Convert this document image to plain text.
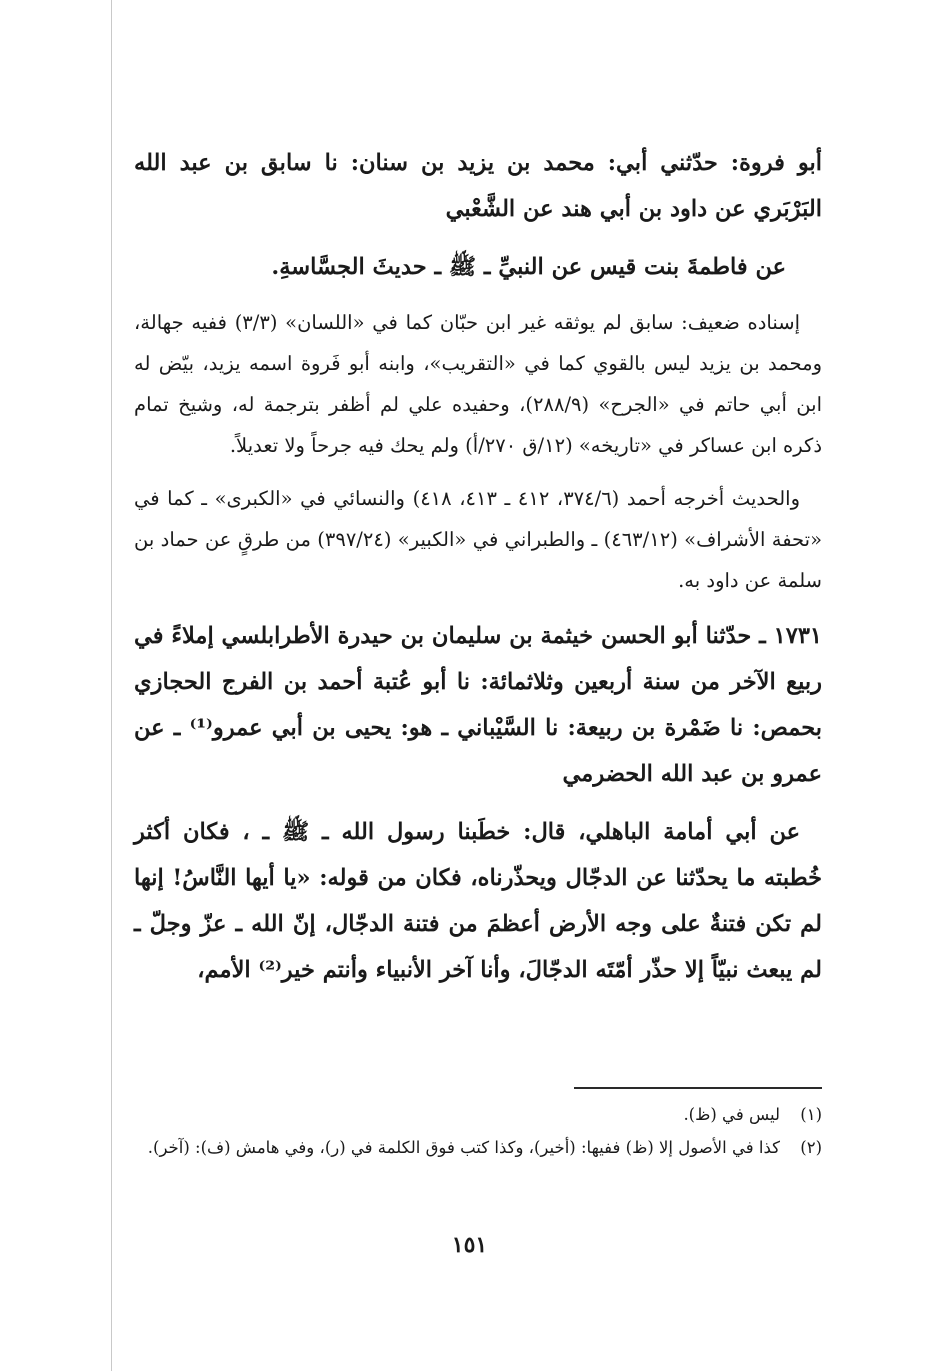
أبو فروة: حدّثني أبي: محمد بن يزيد بن سنان: نا سابق بن عبد الله البَرْبَري عن داود بن أبي هند عن الشَّعْبي

عن فاطمةَ بنت قيس عن النبيِّ ـ ﷺ ـ حديثَ الجسَّاسةِ.

إسناده ضعيف: سابق لم يوثقه غير ابن حبّان كما في «اللسان» (٣/٣) ففيه جهالة، ومحمد بن يزيد ليس بالقوي كما في «التقريب»، وابنه أبو فَروة اسمه يزيد، بيّض له ابن أبي حاتم في «الجرح» (٢٨٨/٩)، وحفيده علي لم أظفر بترجمة له، وشيخ تمام ذكره ابن عساكر في «تاريخه» (١٢/ق ٢٧٠/أ) ولم يحك فيه جرحاً ولا تعديلاً.

والحديث أخرجه أحمد (٣٧٤/٦، ٤١٢ ـ ٤١٣، ٤١٨) والنسائي في «الكبرى» ـ كما في «تحفة الأشراف» (٤٦٣/١٢) ـ والطبراني في «الكبير» (٣٩٧/٢٤) من طرقٍ عن حماد بن سلمة عن داود به.

١٧٣١ ـ حدّثنا أبو الحسن خيثمة بن سليمان بن حيدرة الأطرابلسي إملاءً في ربيع الآخر من سنة أربعين وثلاثمائة: نا أبو عُتبة أحمد بن الفرج الحجازي بحمص: نا ضَمْرة بن ربيعة: نا السَّيْباني ـ هو: يحيى بن أبي عمرو⁽¹⁾ ـ عن عمرو بن عبد الله الحضرمي

عن أبي أمامة الباهلي، قال: خطَبنا رسول الله ـ ﷺ ـ ، فكان أكثر خُطبته ما يحدّثنا عن الدجّال ويحذّرناه، فكان من قوله: «يا أيها النَّاسُ! إنها لم تكن فتنةٌ على وجه الأرض أعظمَ من فتنة الدجّال، إنّ الله ـ عزّ وجلّ ـ لم يبعث نبيّاً إلا حذّر أمّتَه الدجّالَ، وأنا آخر الأنبياء وأنتم خير⁽²⁾ الأمم،

(١)
ليس في (ظ).
(٢)
كذا في الأصول إلا (ظ) ففيها: (أخير)، وكذا كتب فوق الكلمة في (ر)، وفي هامش (ف): (آخر).
١٥١
